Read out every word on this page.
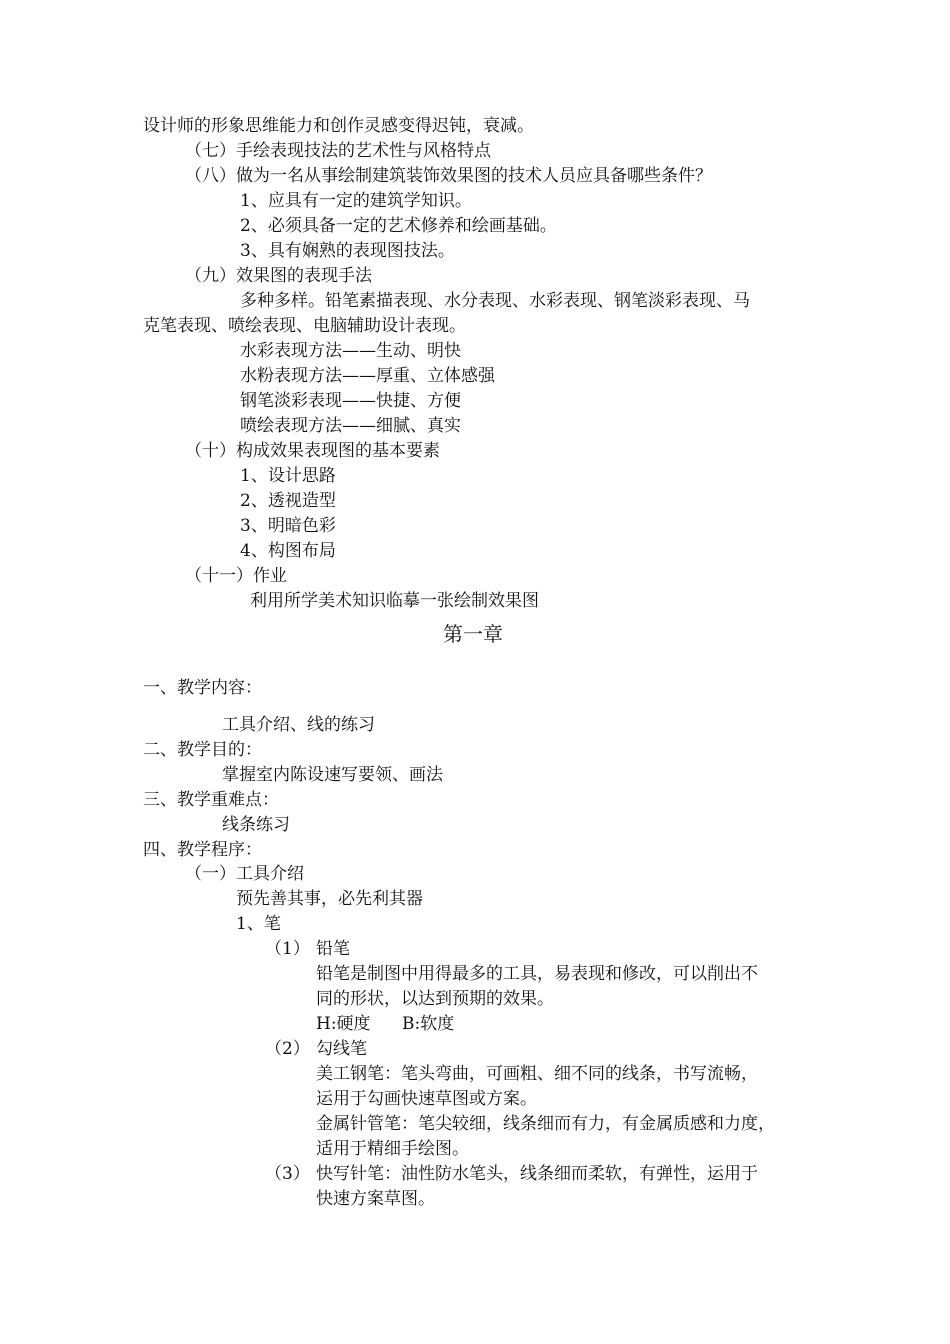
设计师的形象思维能力和创作灵感变得迟钝，衰减。
（七）手绘表现技法的艺术性与风格特点
（八）做为一名从事绘制建筑装饰效果图的技术人员应具备哪些条件？
1、应具有一定的建筑学知识。
2、必须具备一定的艺术修养和绘画基础。
3、具有娴熟的表现图技法。
（九）效果图的表现手法
多种多样。铅笔素描表现、水分表现、水彩表现、钢笔淡彩表现、马
克笔表现、喷绘表现、电脑辅助设计表现。
水彩表现方法——生动、明快
水粉表现方法——厚重、立体感强
钢笔淡彩表现——快捷、方便
喷绘表现方法——细腻、真实
（十）构成效果表现图的基本要素
1、设计思路
2、透视造型
3、明暗色彩
4、构图布局
（十一）作业
利用所学美术知识临摹一张绘制效果图
第一章
一、教学内容：
工具介绍、线的练习
二、教学目的：
掌握室内陈设速写要领、画法
三、教学重难点：
线条练习
四、教学程序：
（一）工具介绍
预先善其事，必先利其器
1、笔
（1） 铅笔
铅笔是制图中用得最多的工具，易表现和修改，可以削出不
同的形状，以达到预期的效果。
H:硬度 B:软度
（2） 勾线笔
美工钢笔：笔头弯曲，可画粗、细不同的线条，书写流畅，
运用于勾画快速草图或方案。
金属针管笔：笔尖较细，线条细而有力，有金属质感和力度，
适用于精细手绘图。
（3） 快写针笔：油性防水笔头，线条细而柔软，有弹性，运用于
快速方案草图。
